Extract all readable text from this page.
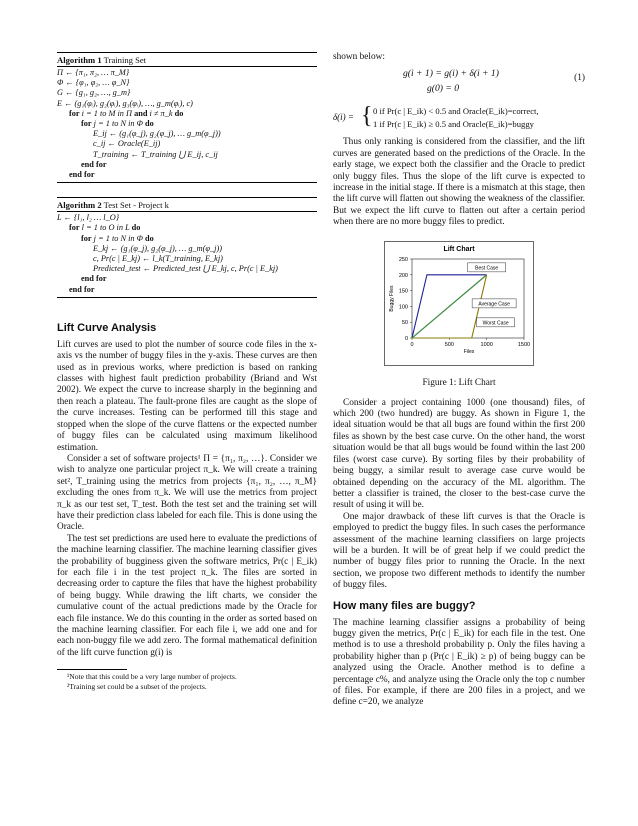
Algorithm 1 Training Set
Π ← {π₁, π₂, … π_M}
Φ ← {φ₁, φ₂, … φ_N}
G ← {g₁, g₂, …, g_m}
E ← (g₁(φᵢ), g₂(φᵢ), g₃(φᵢ), …, g_m(φᵢ), c)
for i = 1 to M in Π and i ≠ π_k do
for j = 1 to N in Φ do
E_ij ← (g₁(φ_j), g₂(φ_j), … g_m(φ_j))
c_ij ← Oracle(E_ij)
T_training ← T_training ⋃ E_ij, c_ij
end for
end for
Algorithm 2 Test Set - Project k
L ← {l₁, l₂ … l_O}
for l = 1 to O in L do
for j = 1 to N in Φ do
E_kj ← (g₁(φ_j), g₂(φ_j), … g_m(φ_j))
c, Pr(c | E_kj) ← l_k(T_training, E_kj)
Predicted_test ← Predicted_test ⋃ E_kj, c, Pr(c | E_kj)
end for
end for
Lift Curve Analysis

Lift curves are used to plot the number of source code files in the x-axis vs the number of buggy files in the y-axis. These curves are then used as in previous works, where prediction is based on ranking classes with highest fault prediction probability (Briand and Wst 2002). We expect the curve to increase sharply in the beginning and then reach a plateau. The fault-prone files are caught as the slope of the curve increases. Testing can be performed till this stage and stopped when the slope of the curve flattens or the expected number of buggy files can be calculated using maximum likelihood estimation.

Consider a set of software projects¹ Π = {π₁, π₂, …}. Consider we wish to analyze one particular project π_k. We will create a training set², T_training using the metrics from projects {π₁, π₂, …, π_M} excluding the ones from π_k. We will use the metrics from project π_k as our test set, T_test. Both the test set and the training set will have their prediction class labeled for each file. This is done using the Oracle.

The test set predictions are used here to evaluate the predictions of the machine learning classifier. The machine learning classifier gives the probability of bugginess given the software metrics, Pr(c | E_ik) for each file i in the test project π_k. The files are sorted in decreasing order to capture the files that have the highest probability of being buggy. While drawing the lift charts, we consider the cumulative count of the actual predictions made by the Oracle for each file instance. We do this counting in the order as sorted based on the machine learning classifier. For each file i, we add one and for each non-buggy file we add zero. The formal mathematical definition of the lift curve function g(i) is

¹Note that this could be a very large number of projects.
²Training set could be a subset of the projects.

shown below:

g(i + 1) = g(i) + δ(i + 1)
g(0) = 0
(1)
δ(i) = { 0 if Pr(c | E_ik) < 0.5 and Oracle(E_ik)=correct,
1 if Pr(c | E_ik) ≥ 0.5 and Oracle(E_ik)=buggy

Thus only ranking is considered from the classifier, and the lift curves are generated based on the predictions of the Oracle. In the early stage, we expect both the classifier and the Oracle to predict only buggy files. Thus the slope of the lift curve is expected to increase in the initial stage. If there is a mismatch at this stage, then the lift curve will flatten out showing the weakness of the classifier. But we expect the lift curve to flatten out after a certain period when there are no more buggy files to predict.

Lift Chart
0
50
100
150
200
250
0	500	1000	1500
Files
Buggy Files
Best Case
Average Case
Worst Case
Figure 1: Lift Chart

Consider a project containing 1000 (one thousand) files, of which 200 (two hundred) are buggy. As shown in Figure 1, the ideal situation would be that all bugs are found within the first 200 files as shown by the best case curve. On the other hand, the worst situation would be that all bugs would be found within the last 200 files (worst case curve). By sorting files by their probability of being buggy, a similar result to average case curve would be obtained depending on the accuracy of the ML algorithm. The better a classifier is trained, the closer to the best-case curve the result of using it will be.

One major drawback of these lift curves is that the Oracle is employed to predict the buggy files. In such cases the performance assessment of the machine learning classifiers on large projects will be a burden. It will be of great help if we could predict the number of buggy files prior to running the Oracle. In the next section, we propose two different methods to identify the number of buggy files.

How many files are buggy?

The machine learning classifier assigns a probability of being buggy given the metrics, Pr(c | E_ik) for each file in the test. One method is to use a threshold probability p. Only the files having a probability higher than p (Pr(c | E_ik) ≥ p) of being buggy can be analyzed using the Oracle. Another method is to define a percentage c%, and analyze using the Oracle only the top c number of files. For example, if there are 200 files in a project, and we define c=20, we analyze
